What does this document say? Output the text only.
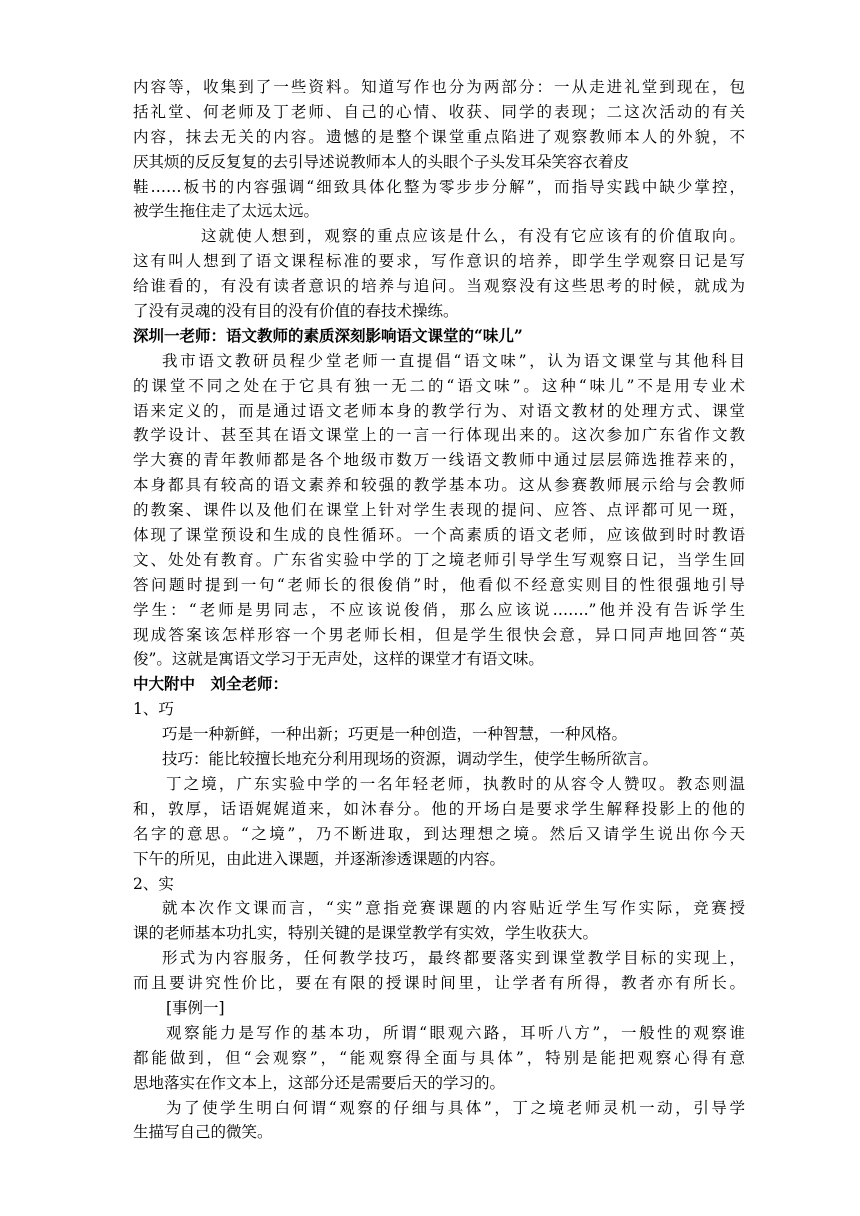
内容等，收集到了一些资料。知道写作也分为两部分：一从走进礼堂到现在，包

括礼堂、何老师及丁老师、自己的心情、收获、同学的表现；二这次活动的有关

内容，抹去无关的内容。遗憾的是整个课堂重点陷进了观察教师本人的外貌，不

厌其烦的反反复复的去引导述说教师本人的头眼个子头发耳朵笑容衣着皮

鞋……板书的内容强调“细致具体化整为零步步分解”，而指导实践中缺少掌控，

被学生拖住走了太远太远。

这就使人想到，观察的重点应该是什么，有没有它应该有的价值取向。

这有叫人想到了语文课程标准的要求，写作意识的培养，即学生学观察日记是写

给谁看的，有没有读者意识的培养与追问。当观察没有这些思考的时候，就成为

了没有灵魂的没有目的没有价值的春技术操练。

深圳一老师：语文教师的素质深刻影响语文课堂的“味儿”

我市语文教研员程少堂老师一直提倡“语文味”，认为语文课堂与其他科目

的课堂不同之处在于它具有独一无二的“语文味”。这种“味儿”不是用专业术

语来定义的，而是通过语文老师本身的教学行为、对语文教材的处理方式、课堂

教学设计、甚至其在语文课堂上的一言一行体现出来的。这次参加广东省作文教

学大赛的青年教师都是各个地级市数万一线语文教师中通过层层筛选推荐来的，

本身都具有较高的语文素养和较强的教学基本功。这从参赛教师展示给与会教师

的教案、课件以及他们在课堂上针对学生表现的提问、应答、点评都可见一斑，

体现了课堂预设和生成的良性循环。一个高素质的语文老师，应该做到时时教语

文、处处有教育。广东省实验中学的丁之境老师引导学生写观察日记，当学生回

答问题时提到一句“老师长的很俊俏”时，他看似不经意实则目的性很强地引导

学生：“老师是男同志，不应该说俊俏，那么应该说…….”他并没有告诉学生

现成答案该怎样形容一个男老师长相，但是学生很快会意，异口同声地回答“英

俊”。这就是寓语文学习于无声处，这样的课堂才有语文味。

中大附中　刘全老师：

1、巧

巧是一种新鲜，一种出新；巧更是一种创造，一种智慧，一种风格。

技巧：能比较擅长地充分利用现场的资源，调动学生，使学生畅所欲言。

丁之境，广东实验中学的一名年轻老师，执教时的从容令人赞叹。教态则温

和，敦厚，话语娓娓道来，如沐春分。他的开场白是要求学生解释投影上的他的

名字的意思。“之境”，乃不断进取，到达理想之境。然后又请学生说出你今天

下午的所见，由此进入课题，并逐渐渗透课题的内容。

2、实

就本次作文课而言，“实”意指竞赛课题的内容贴近学生写作实际，竞赛授

课的老师基本功扎实，特别关键的是课堂教学有实效，学生收获大。

形式为内容服务，任何教学技巧，最终都要落实到课堂教学目标的实现上，

而且要讲究性价比，要在有限的授课时间里，让学者有所得，教者亦有所长。

[事例一]

观察能力是写作的基本功，所谓“眼观六路，耳听八方”，一般性的观察谁

都能做到，但“会观察”，“能观察得全面与具体”，特别是能把观察心得有意

思地落实在作文本上，这部分还是需要后天的学习的。

为了使学生明白何谓“观察的仔细与具体”，丁之境老师灵机一动，引导学

生描写自己的微笑。
